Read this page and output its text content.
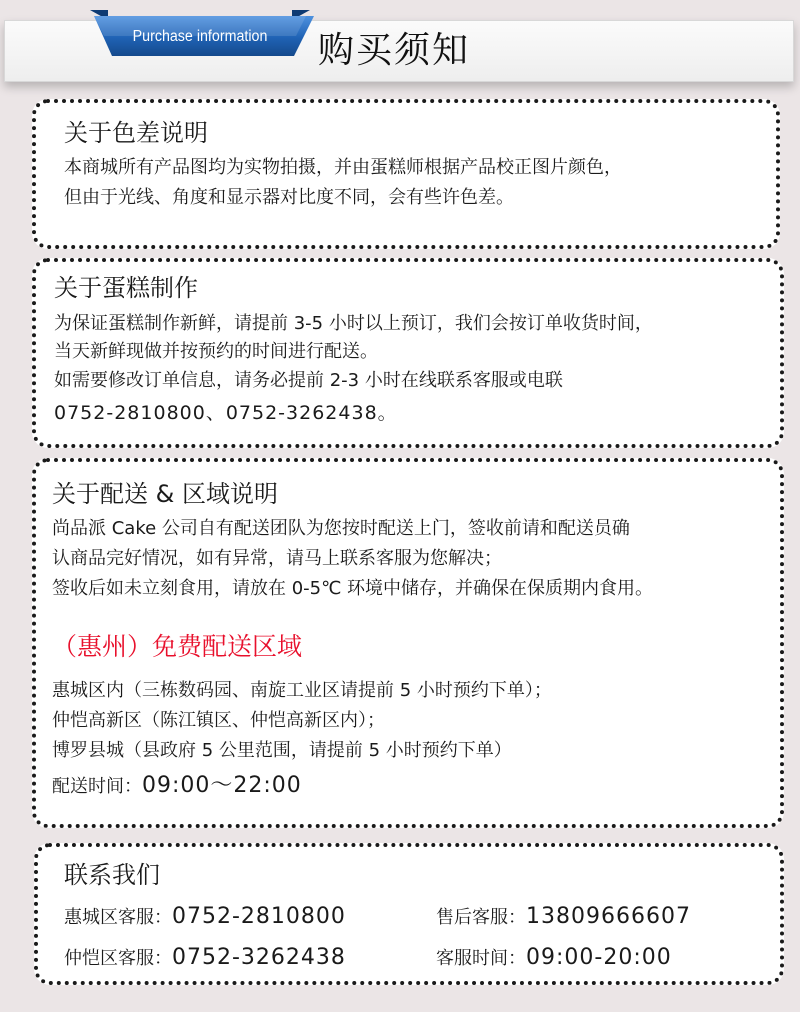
Purchase information	购买须知
关于色差说明
本商城所有产品图均为实物拍摄，并由蛋糕师根据产品校正图片颜色，
但由于光线、角度和显示器对比度不同，会有些许色差。
关于蛋糕制作
为保证蛋糕制作新鲜，请提前 3-5 小时以上预订，我们会按订单收货时间，
当天新鲜现做并按预约的时间进行配送。
如需要修改订单信息，请务必提前 2-3 小时在线联系客服或电联
0752-2810800、0752-3262438。
关于配送 & 区域说明
尚品派 Cake 公司自有配送团队为您按时配送上门，签收前请和配送员确
认商品完好情况，如有异常，请马上联系客服为您解决；
签收后如未立刻食用，请放在 0-5℃ 环境中储存，并确保在保质期内食用。
（惠州）免费配送区域
惠城区内（三栋数码园、南旋工业区请提前 5 小时预约下单）；
仲恺高新区（陈江镇区、仲恺高新区内）；
博罗县城（县政府 5 公里范围，请提前 5 小时预约下单）
配送时间：09:00～22:00
联系我们
惠城区客服：0752-2810800	售后客服：13809666607
仲恺区客服：0752-3262438	客服时间：09:00-20:00
